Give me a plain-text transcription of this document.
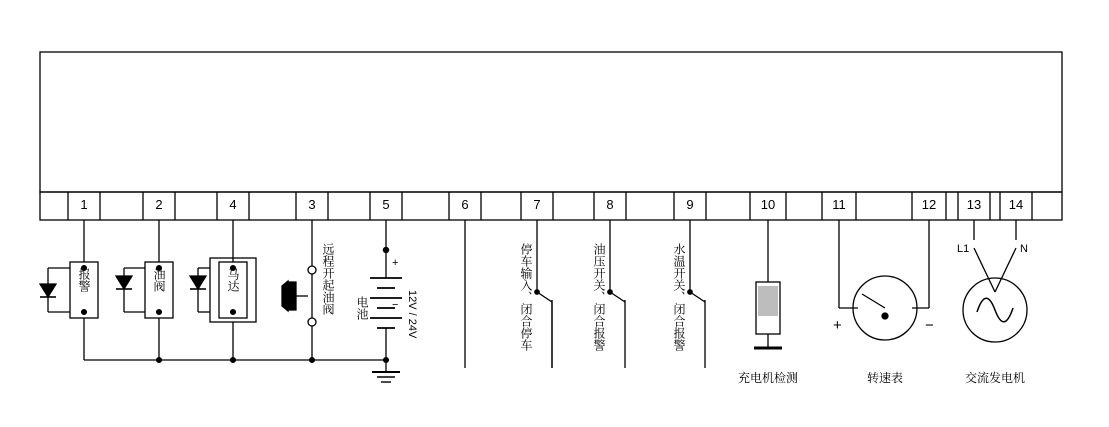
1	2	4	3	5	6	7	8	9	10	11	12	13	14
报警	油阀	马达	远程开起油阀 电池
+
− 12V / 24V	停车输入、闭合停车	油压开关、闭合报警	水温开关、闭合报警
充电机检测	转速表	交流发电机
+	−
L1	N
